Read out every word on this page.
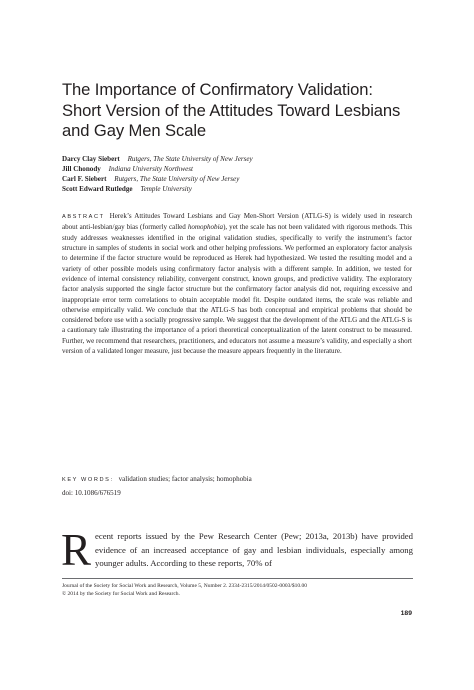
The Importance of Confirmatory Validation:
Short Version of the Attitudes Toward Lesbians
and Gay Men Scale
Darcy Clay Siebert Rutgers, The State University of New Jersey
Jill Chonody Indiana University Northwest
Carl F. Siebert Rutgers, The State University of New Jersey
Scott Edward Rutledge Temple University

ABSTRACT Herek’s Attitudes Toward Lesbians and Gay Men-Short Version (ATLG-S) is widely used in research about anti-lesbian/gay bias (formerly called homophobia), yet the scale has not been validated with rigorous methods. This study addresses weaknesses identified in the original validation studies, specifically to verify the instrument’s factor structure in samples of students in social work and other helping professions. We performed an exploratory factor analysis to determine if the factor structure would be reproduced as Herek had hypothesized. We tested the resulting model and a variety of other possible models using confirmatory factor analysis with a different sample. In addition, we tested for evidence of internal consistency reliability, convergent construct, known groups, and predictive validity. The exploratory factor analysis supported the single factor structure but the confirmatory factor analysis did not, requiring excessive and inappropriate error term correlations to obtain acceptable model fit. Despite outdated items, the scale was reliable and otherwise empirically valid. We conclude that the ATLG-S has both conceptual and empirical problems that should be considered before use with a socially progressive sample. We suggest that the development of the ATLG and the ATLG-S is a cautionary tale illustrating the importance of a priori theoretical conceptualization of the latent construct to be measured. Further, we recommend that researchers, practitioners, and educators not assume a measure’s validity, and especially a short version of a validated longer measure, just because the measure appears frequently in the literature.

KEY WORDS: validation studies; factor analysis; homophobia
doi: 10.1086/676519

Recent reports issued by the Pew Research Center (Pew; 2013a, 2013b) have provided evidence of an increased acceptance of gay and lesbian individuals, especially among younger adults. According to these reports, 70% of

Journal of the Society for Social Work and Research, Volume 5, Number 2. 2334-2315/2014/0502-0003/$10.00
© 2014 by the Society for Social Work and Research.
189
